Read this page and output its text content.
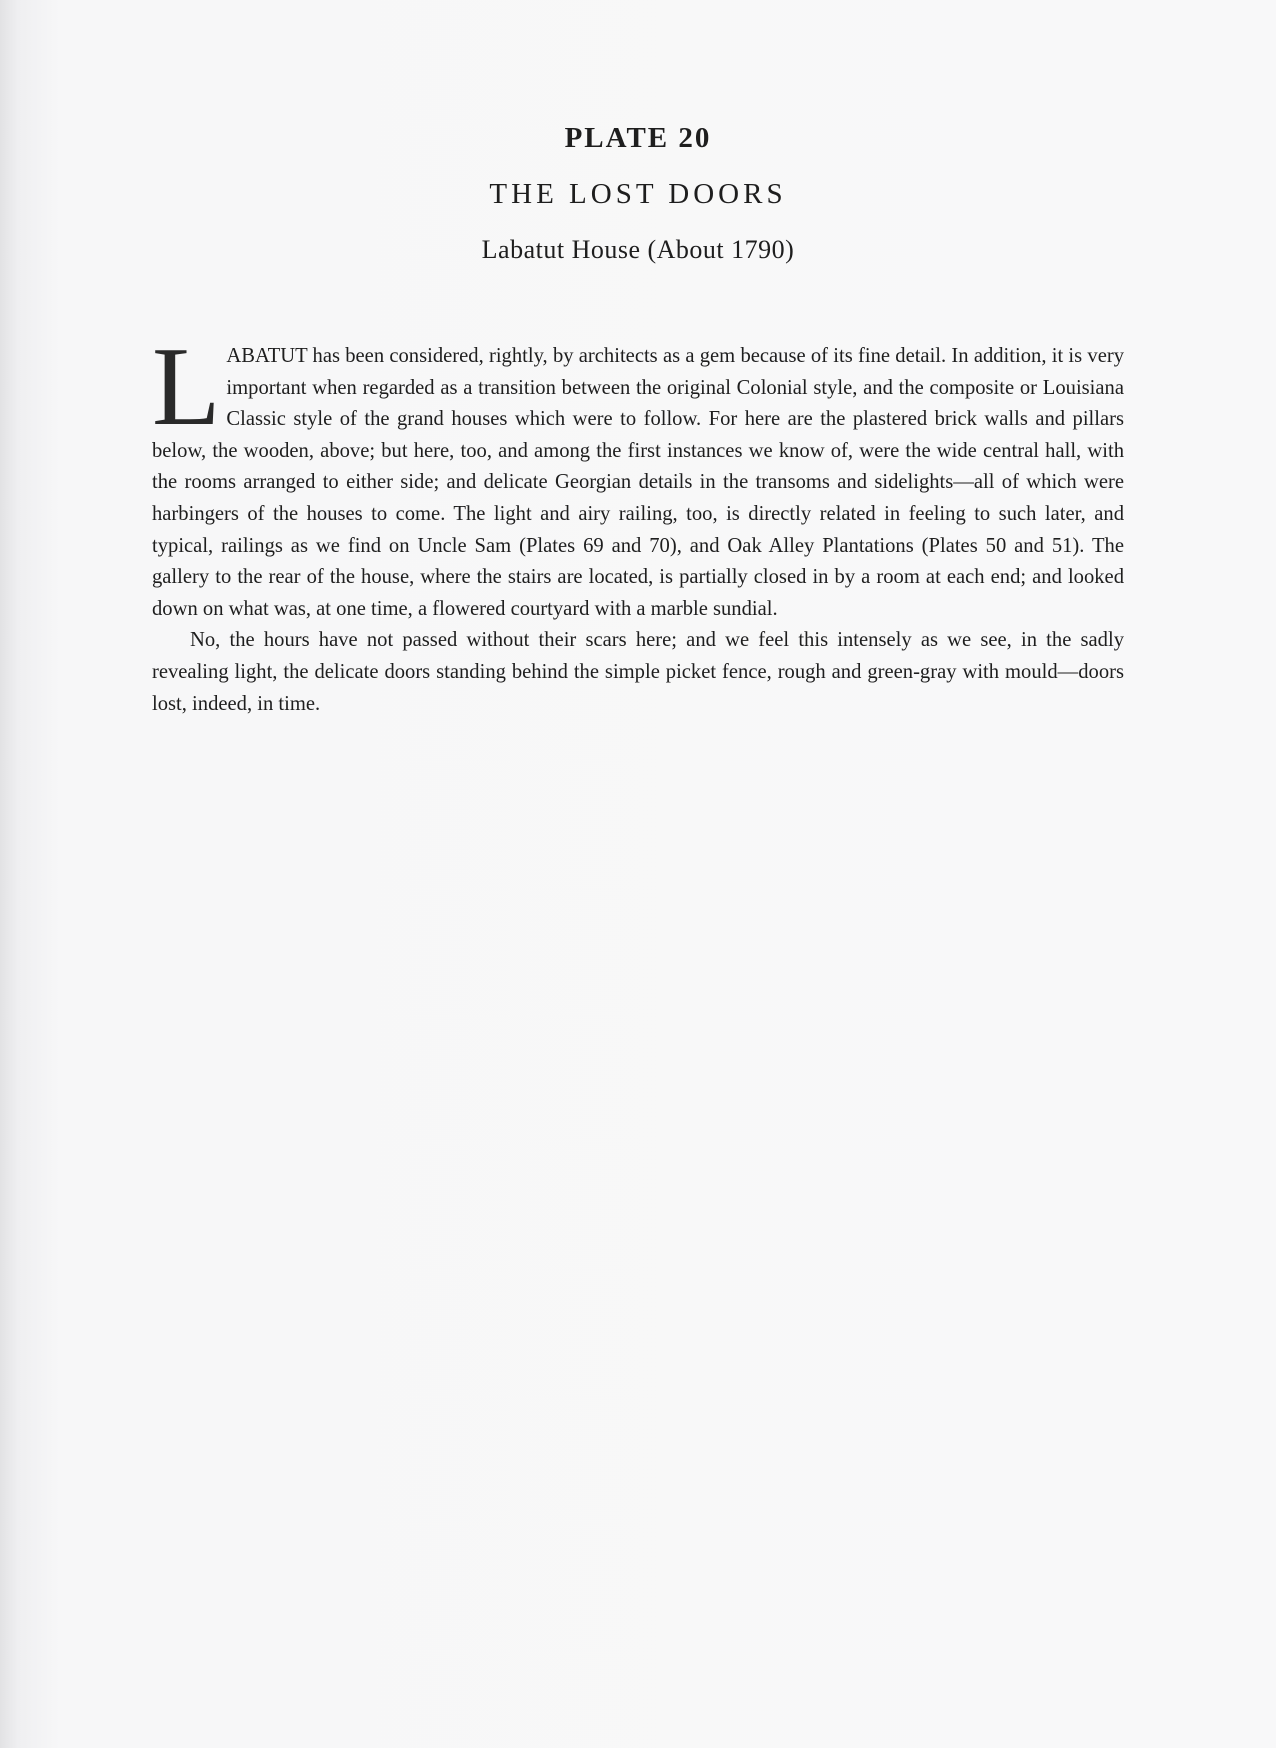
PLATE 20
THE LOST DOORS
Labatut House (About 1790)

LABATUT has been considered, rightly, by architects as a gem because of its fine detail. In addition, it is very important when regarded as a transition between the original Colonial style, and the composite or Louisiana Classic style of the grand houses which were to follow. For here are the plastered brick walls and pillars below, the wooden, above; but here, too, and among the first instances we know of, were the wide central hall, with the rooms arranged to either side; and delicate Georgian details in the transoms and sidelights—all of which were harbingers of the houses to come. The light and airy railing, too, is directly related in feeling to such later, and typical, railings as we find on Uncle Sam (Plates 69 and 70), and Oak Alley Plantations (Plates 50 and 51). The gallery to the rear of the house, where the stairs are located, is partially closed in by a room at each end; and looked down on what was, at one time, a flowered courtyard with a marble sundial.

No, the hours have not passed without their scars here; and we feel this intensely as we see, in the sadly revealing light, the delicate doors standing behind the simple picket fence, rough and green-gray with mould—doors lost, indeed, in time.
